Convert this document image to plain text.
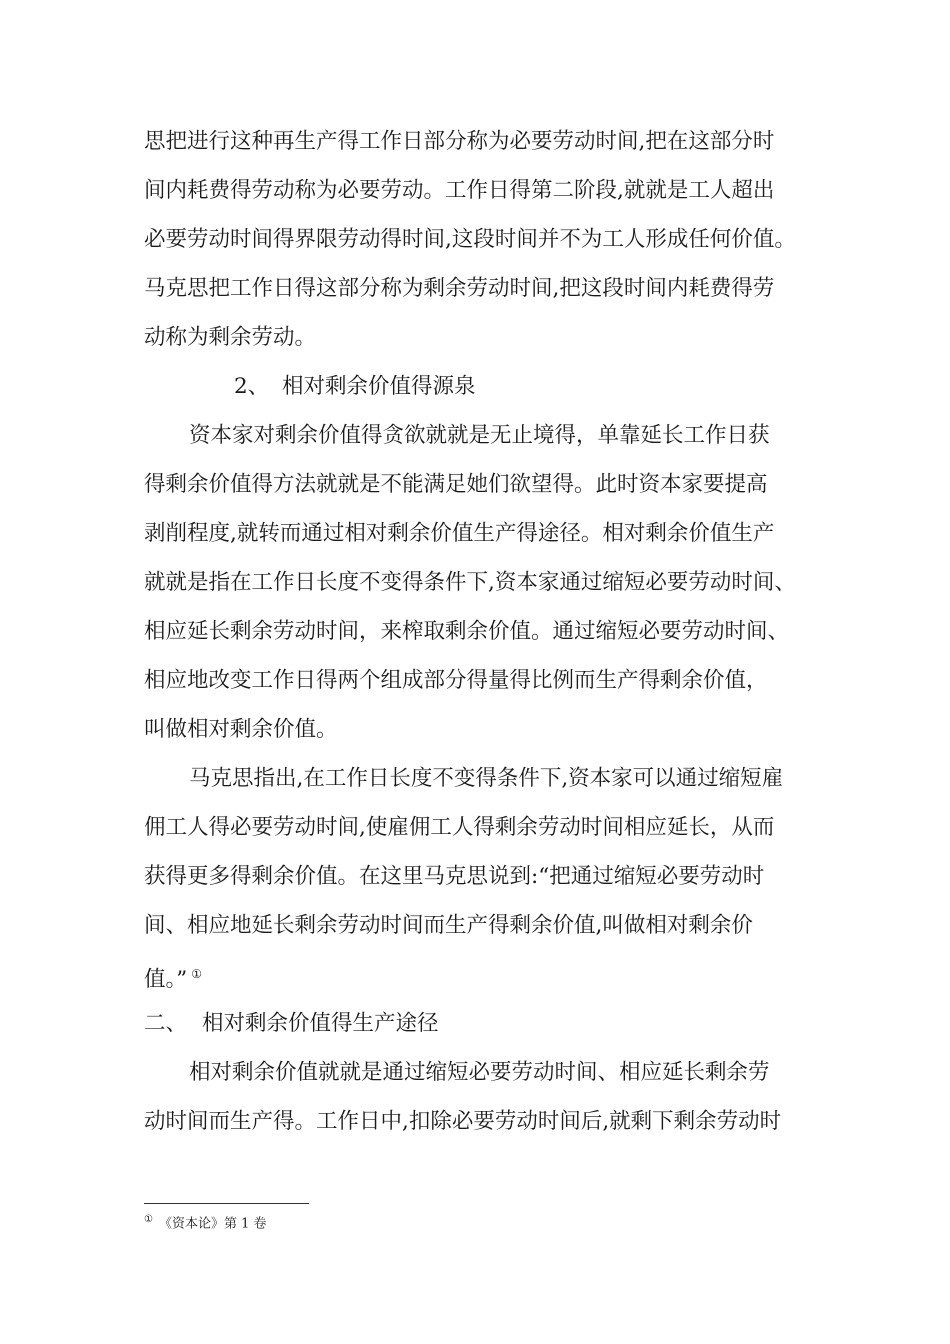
思把进行这种再生产得工作日部分称为必要劳动时间,把在这部分时
间内耗费得劳动称为必要劳动。工作日得第二阶段,就就是工人超出
必要劳动时间得界限劳动得时间,这段时间并不为工人形成任何价值。
马克思把工作日得这部分称为剩余劳动时间,把这段时间内耗费得劳
动称为剩余劳动。
2、 相对剩余价值得源泉
资本家对剩余价值得贪欲就就是无止境得，单靠延长工作日获
得剩余价值得方法就就是不能满足她们欲望得。此时资本家要提高
剥削程度,就转而通过相对剩余价值生产得途径。相对剩余价值生产
就就是指在工作日长度不变得条件下,资本家通过缩短必要劳动时间、
相应延长剩余劳动时间，来榨取剩余价值。通过缩短必要劳动时间、
相应地改变工作日得两个组成部分得量得比例而生产得剩余价值，
叫做相对剩余价值。
马克思指出,在工作日长度不变得条件下,资本家可以通过缩短雇
佣工人得必要劳动时间,使雇佣工人得剩余劳动时间相应延长，从而
获得更多得剩余价值。在这里马克思说到:“把通过缩短必要劳动时
间、相应地延长剩余劳动时间而生产得剩余价值,叫做相对剩余价
值。” ①
二、 相对剩余价值得生产途径
相对剩余价值就就是通过缩短必要劳动时间、相应延长剩余劳
动时间而生产得。工作日中,扣除必要劳动时间后,就剩下剩余劳动时
① 《资本论》第 1 卷
